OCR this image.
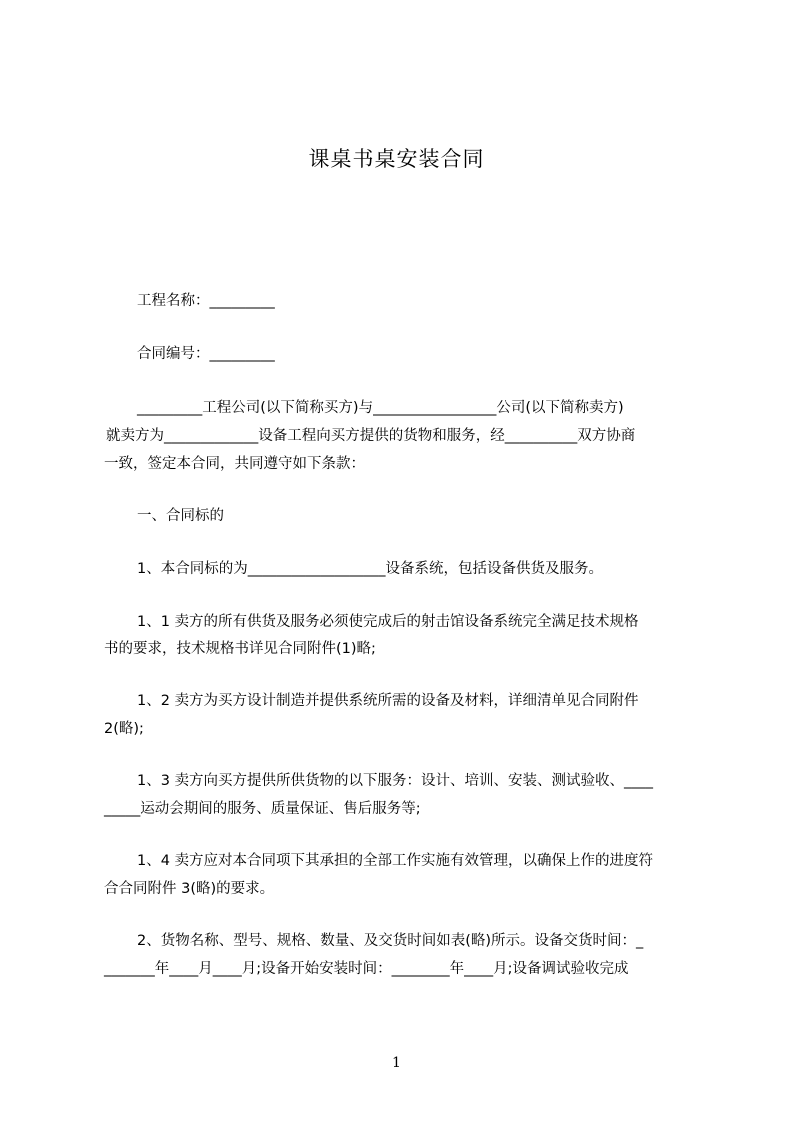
课桌书桌安装合同
工程名称：_________
合同编号：_________
_________工程公司(以下简称买方)与_________________公司(以下简称卖方)
就卖方为_____________设备工程向买方提供的货物和服务，经__________双方协商
一致，签定本合同，共同遵守如下条款：
一、合同标的
1、本合同标的为___________________设备系统，包括设备供货及服务。
1、1 卖方的所有供货及服务必须使完成后的射击馆设备系统完全满足技术规格
书的要求，技术规格书详见合同附件(1)略;
1、2 卖方为买方设计制造并提供系统所需的设备及材料，详细清单见合同附件
2(略);
1、3 卖方向买方提供所供货物的以下服务：设计、培训、安装、测试验收、____
_____运动会期间的服务、质量保证、售后服务等;
1、4 卖方应对本合同项下其承担的全部工作实施有效管理，以确保上作的进度符
合合同附件 3(略)的要求。
2、货物名称、型号、规格、数量、及交货时间如表(略)所示。设备交货时间：_
_______年____月____月;设备开始安装时间：________年____月;设备调试验收完成
1
